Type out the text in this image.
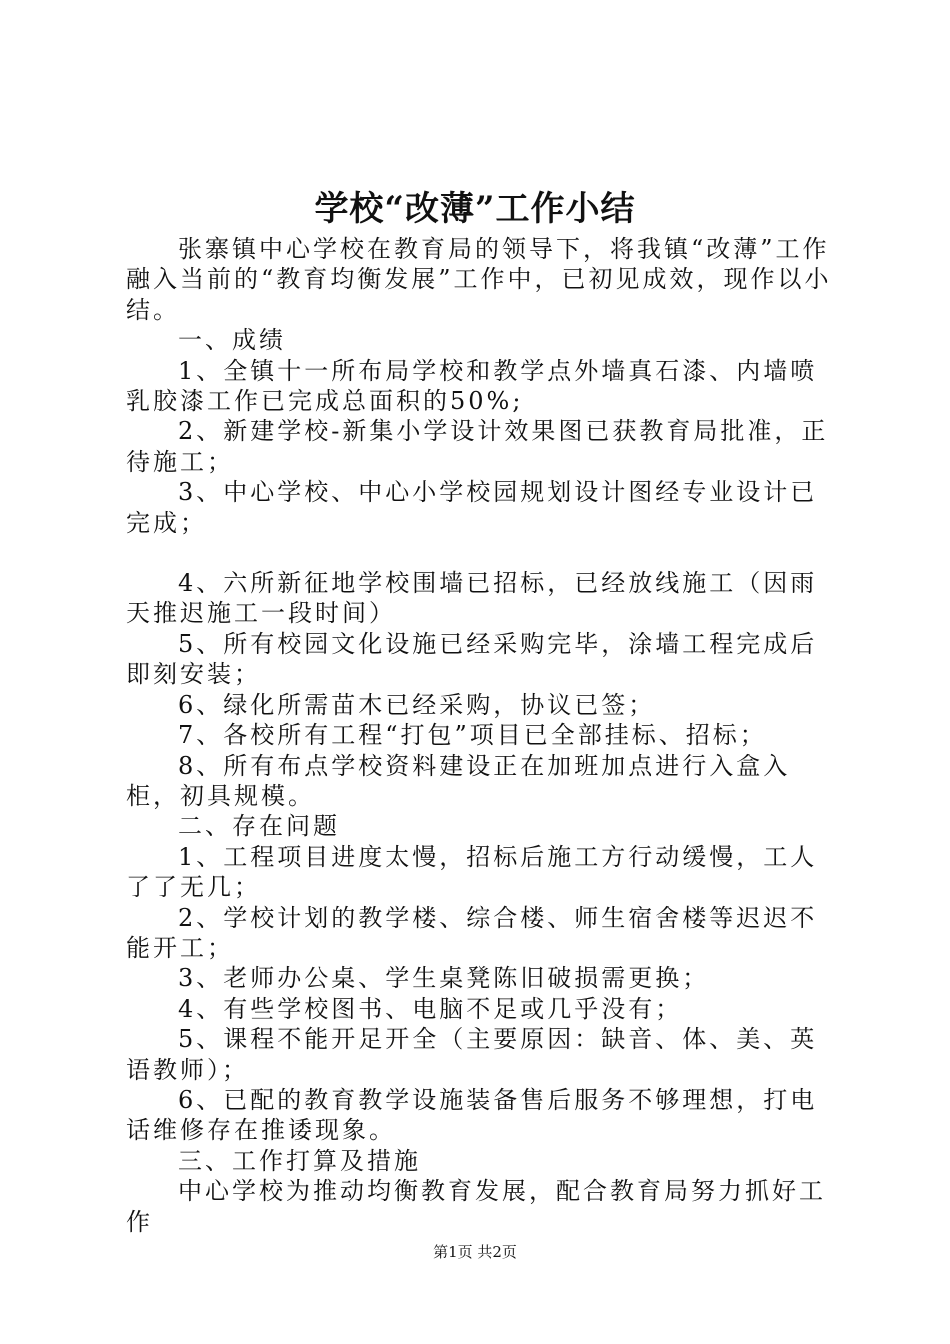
学校“改薄”工作小结

张寨镇中心学校在教育局的领导下，将我镇“改薄”工作融入当前的“教育均衡发展”工作中，已初见成效，现作以小结。

一、成绩

1、全镇十一所布局学校和教学点外墙真石漆、内墙喷乳胶漆工作已完成总面积的50%;

2、新建学校-新集小学设计效果图已获教育局批准，正待施工；

3、中心学校、中心小学校园规划设计图经专业设计已完成；

4、六所新征地学校围墙已招标，已经放线施工（因雨天推迟施工一段时间）

5、所有校园文化设施已经采购完毕，涂墙工程完成后即刻安装；

6、绿化所需苗木已经采购，协议已签；

7、各校所有工程“打包”项目已全部挂标、招标；

8、所有布点学校资料建设正在加班加点进行入盒入柜，初具规模。

二、存在问题

1、工程项目进度太慢，招标后施工方行动缓慢，工人了了无几；

2、学校计划的教学楼、综合楼、师生宿舍楼等迟迟不能开工；

3、老师办公桌、学生桌凳陈旧破损需更换；

4、有些学校图书、电脑不足或几乎没有；

5、课程不能开足开全（主要原因：缺音、体、美、英语教师）；

6、已配的教育教学设施装备售后服务不够理想，打电话维修存在推诿现象。

三、工作打算及措施

中心学校为推动均衡教育发展，配合教育局努力抓好工作

第1页 共2页
